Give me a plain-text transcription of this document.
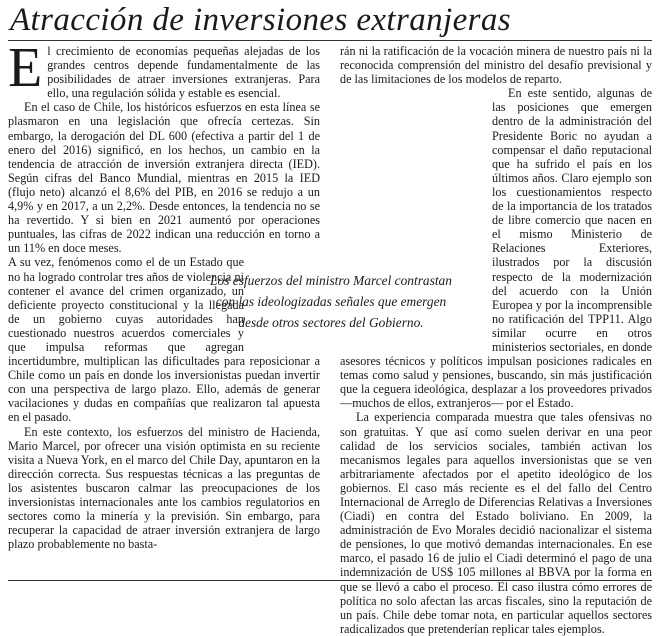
Atracción de inversiones extranjeras

El crecimiento de economías pequeñas alejadas de los grandes centros depende fundamentalmente de las posibilidades de atraer inversiones extranjeras. Para ello, una regulación sólida y estable es esencial.

En el caso de Chile, los históricos esfuerzos en esta línea se plasmaron en una legislación que ofrecía certezas. Sin embargo, la derogación del DL 600 (efectiva a partir del 1 de enero del 2016) significó, en los hechos, un cambio en la tendencia de atracción de inversión extranjera directa (IED). Según cifras del Banco Mundial, mientras en 2015 la IED (flujo neto) alcanzó el 8,6% del PIB, en 2016 se redujo a un 4,9% y en 2017, a un 2,2%. Desde entonces, la tendencia no se ha revertido. Y si bien en 2021 aumentó por operaciones puntuales, las cifras de 2022 indican una reducción en torno a un 11% en doce meses.

A su vez, fenómenos como el de un Estado que no ha logrado controlar tres años de violencia ni contener el avance del crimen organizado, un deficiente proyecto constitucional y la llegada de un gobierno cuyas autoridades han cuestionado nuestros acuerdos comerciales y que impulsa reformas que agregan incertidumbre, multiplican las dificultades para reposicionar a Chile como un país en donde los inversionistas puedan invertir con una perspectiva de largo plazo. Ello, además de generar vacilaciones y dudas en compañías que realizaron tal apuesta en el pasado.

En este contexto, los esfuerzos del ministro de Hacienda, Mario Marcel, por ofrecer una visión optimista en su reciente visita a Nueva York, en el marco del Chile Day, apuntaron en la dirección correcta. Sus respuestas técnicas a las preguntas de los asistentes buscaron calmar las preocupaciones de los inversionistas internacionales ante los cambios regulatorios en sectores como la minería y la previsión. Sin embargo, para recuperar la capacidad de atraer inversión extranjera de largo plazo probablemente no basta-

rán ni la ratificación de la vocación minera de nuestro país ni la reconocida comprensión del ministro del desafío previsional y de las limitaciones de los modelos de reparto.

En este sentido, algunas de las posiciones que emergen dentro de la administración del Presidente Boric no ayudan a compensar el daño reputacional que ha sufrido el país en los últimos años. Claro ejemplo son los cuestionamientos respecto de la importancia de los tratados de libre comercio que nacen en el mismo Ministerio de Relaciones Exteriores, ilustrados por la discusión respecto de la modernización del acuerdo con la Unión Europea y por la incomprensible no ratificación del TPP11. Algo similar ocurre en otros ministerios sectoriales, en donde asesores técnicos y políticos impulsan posiciones radicales en temas como salud y pensiones, buscando, sin más justificación que la ceguera ideológica, desplazar a los proveedores privados —muchos de ellos, extranjeros— por el Estado.

La experiencia comparada muestra que tales ofensivas no son gratuitas. Y que así como suelen derivar en una peor calidad de los servicios sociales, también activan los mecanismos legales para aquellos inversionistas que se ven arbitrariamente afectados por el apetito ideológico de los gobiernos. El caso más reciente es el del fallo del Centro Internacional de Arreglo de Diferencias Relativas a Inversiones (Ciadi) en contra del Estado boliviano. En 2009, la administración de Evo Morales decidió nacionalizar el sistema de pensiones, lo que motivó demandas internacionales. En ese marco, el pasado 16 de julio el Ciadi determinó el pago de una indemnización de US$ 105 millones al BBVA por la forma en que se llevó a cabo el proceso. El caso ilustra cómo errores de política no solo afectan las arcas fiscales, sino la reputación de un país. Chile debe tomar nota, en particular aquellos sectores radicalizados que pretenderían replicar tales ejemplos.

Los esfuerzos del ministro Marcel contrastan
con las ideologizadas señales que emergen
desde otros sectores del Gobierno.
